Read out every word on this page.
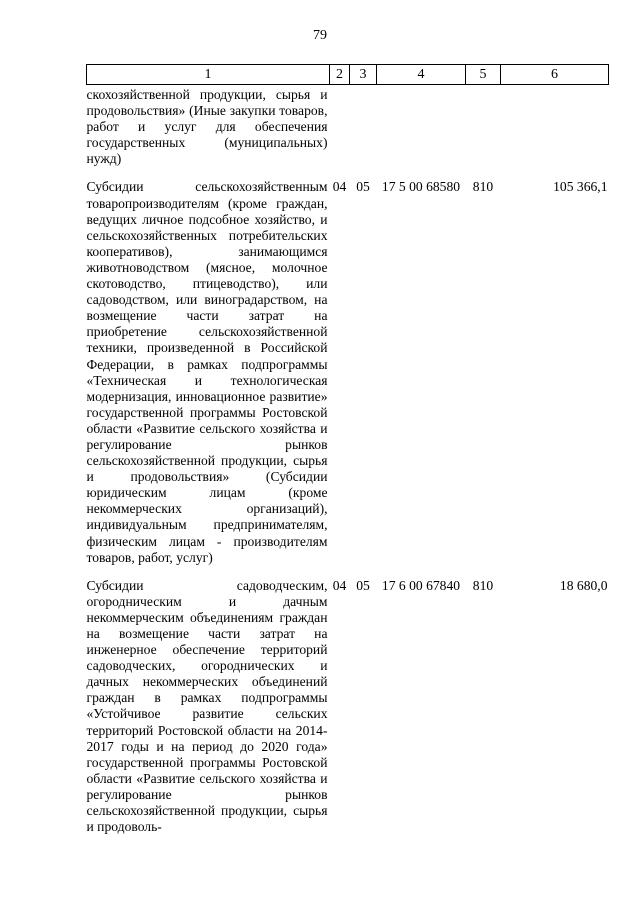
79
1	2	3	4	5	6
скохозяйственной продукции, сырья и продовольствия» (Иные закупки товаров, работ и услуг для обеспечения государственных (муниципальных) нужд)					
Субсидии сельскохозяйственным товаропроизводителям (кроме граждан, ведущих личное подсобное хозяйство, и сельскохозяйственных потребительских кооперативов), занимающимся животноводством (мясное, молочное скотоводство, птицеводство), или садоводством, или виноградарством, на возмещение части затрат на приобретение сельскохозяйственной техники, произведенной в Российской Федерации, в рамках подпрограммы «Техническая и технологическая модернизация, инновационное развитие» государственной программы Ростовской области «Развитие сельского хозяйства и регулирование рынков сельскохозяйственной продукции, сырья и продовольствия» (Субсидии юридическим лицам (кроме некоммерческих организаций), индивидуальным предпринимателям, физическим лицам - производителям товаров, работ, услуг)	04	05	17 5 00 68580	810	105 366,1
Субсидии садоводческим, огородническим и дачным некоммерческим объединениям граждан на возмещение части затрат на инженерное обеспечение территорий садоводческих, огороднических и дачных некоммерческих объединений граждан в рамках подпрограммы «Устойчивое развитие сельских территорий Ростовской области на 2014-2017 годы и на период до 2020 года» государственной программы Ростовской области «Развитие сельского хозяйства и регулирование рынков сельскохозяйственной продукции, сырья и продоволь-	04	05	17 6 00 67840	810	18 680,0
